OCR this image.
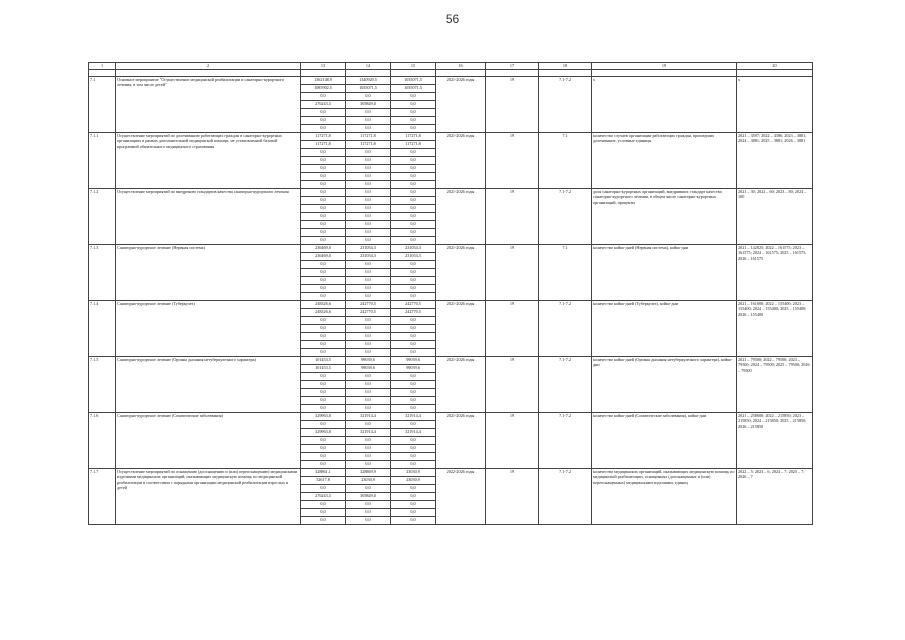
56
1	2	13	14	15	16	17	18	19	20

7.1	Основное мероприятие "Осуществление медицинской реабилитации и санаторно-курортного лечения, в том числе детей"	1362148,9	1340920,5	1035071,5	2021-2026 годы	19	7.1-7.2	х	х
		1085902,5	1035071,5	1035071,5					
		0,0	0,0	0,0					
		276243,3	305849,0	0,0					
		0,0	0,0	0,0					
		0,0	0,0	0,0					
		0,0	0,0	0,0					
7.1.1	Осуществление мероприятий по долечиванию работающих граждан в санаторно-курортных организациях в рамках дополнительной медицинской помощи, не установленной базовой программой обязательного медицинского страхования	117271,8	117271,8	117271,8	2021-2026 годы	19	7.1	количество случаев организации работающих граждан, прошедших долечивание, условные единицы	2021 – 3597; 2022 – 4386; 2023 – 3881; 2024 – 3881; 2025 – 3881; 2026 – 3881
		117271,8	117271,8	117271,8					
		0,0	0,0	0,0					
		0,0	0,0	0,0					
		0,0	0,0	0,0					
		0,0	0,0	0,0					
		0,0	0,0	0,0					
7.1.2	Осуществление мероприятий по внедрению стандартов качества санаторно-курортного лечения	0,0	0,0	0,0	2021-2026 годы	19	7.1-7.2	доля санаторно-курортных организаций, внедривших стандарт качества санаторно-курортного лечения, в общем числе санаторно-курортных организаций, проценты	2021 – 30; 2022 – 60; 2023 – 80; 2024 – 100
		0,0	0,0	0,0					
		0,0	0,0	0,0					
		0,0	0,0	0,0					
		0,0	0,0	0,0					
		0,0	0,0	0,0					
		0,0	0,0	0,0					
7.1.3	Санаторно-курортное лечение (Нервная система)	236469,0	231054,3	231054,3	2021-2026 годы	19	7.1	количество койко-дней (Нервная система), койко-дни	2021 – 142825; 2022 – 161575; 2023 – 161575; 2024 – 161575; 2025 – 161575; 2026 – 161575
		236469,0	231054,3	231054,3					
		0,0	0,0	0,0					
		0,0	0,0	0,0					
		0,0	0,0	0,0					
		0,0	0,0	0,0					
		0,0	0,0	0,0					
7.1.4	Санаторно-курортное лечение (Туберкулез)	248326,6	242770,5	242770,5	2021-2026 годы	19	7.1-7.2	количество койко-дней (Туберкулез), койко-дни	2021 – 161000; 2022 – 155400; 2023 – 155400; 2024 – 155400; 2025 – 155400; 2026 – 155400
		248326,6	242770,5	242770,5					
		0,0	0,0	0,0					
		0,0	0,0	0,0					
		0,0	0,0	0,0					
		0,0	0,0	0,0					
		0,0	0,0	0,0					
7.1.5	Санаторно-курортное лечение (Органы дыхания нетуберкулезного характера)	101453,5	99039,6	99039,6	2021-2026 годы	19	7.1-7.2	количество койко-дней (Органы дыхания нетуберкулезного характера), койко-дни	2021 – 79500; 2022 – 79500; 2023 – 79500; 2024 – 79500; 2025 – 79500; 2026 – 79500
		101453,5	99039,6	99039,6					
		0,0	0,0	0,0					
		0,0	0,0	0,0					
		0,0	0,0	0,0					
		0,0	0,0	0,0					
		0,0	0,0	0,0					
7.1.6	Санаторно-курортное лечение (Соматические заболевания)	329963,8	321914,4	321914,4	2021-2026 годы	19	7.1-7.2	количество койко-дней (Соматические заболевания), койко-дни	2021 – 258600; 2022 – 215850; 2023 – 215850; 2024 – 215850; 2025 – 215850; 2026 – 215850
		0,0	0,0	0,0					
		329963,8	321914,4	321914,4					
		0,0	0,0	0,0					
		0,0	0,0	0,0					
		0,0	0,0	0,0					
		0,0	0,0	0,0					
7.1.7	Осуществление мероприятий по оснащению (дооснащению и (или) переоснащению) медицинскими изделиями медицинских организаций, оказывающих медицинскую помощь по медицинской реабилитации в соответствии с порядками организации медицинской реабилитации взрослых и детей	328861,1	328869,9	23030,9	2022-2026 годы	19	7.1-7.2	количество медицинских организаций, оказывающих медицинскую помощь по медицинской реабилитации, оснащенных (дооснащенных и (или) переоснащенных) медицинскими изделиями, единиц	2022 – 5; 2023 – 6; 2024 – 7; 2025 – 7; 2026 – 7
		52617,8	23030,9	23030,9					
		0,0	0,0	0,0					
		276243,3	305849,0	0,0					
		0,0	0,0	0,0					
		0,0	0,0	0,0					
		0,0	0,0	0,0					
